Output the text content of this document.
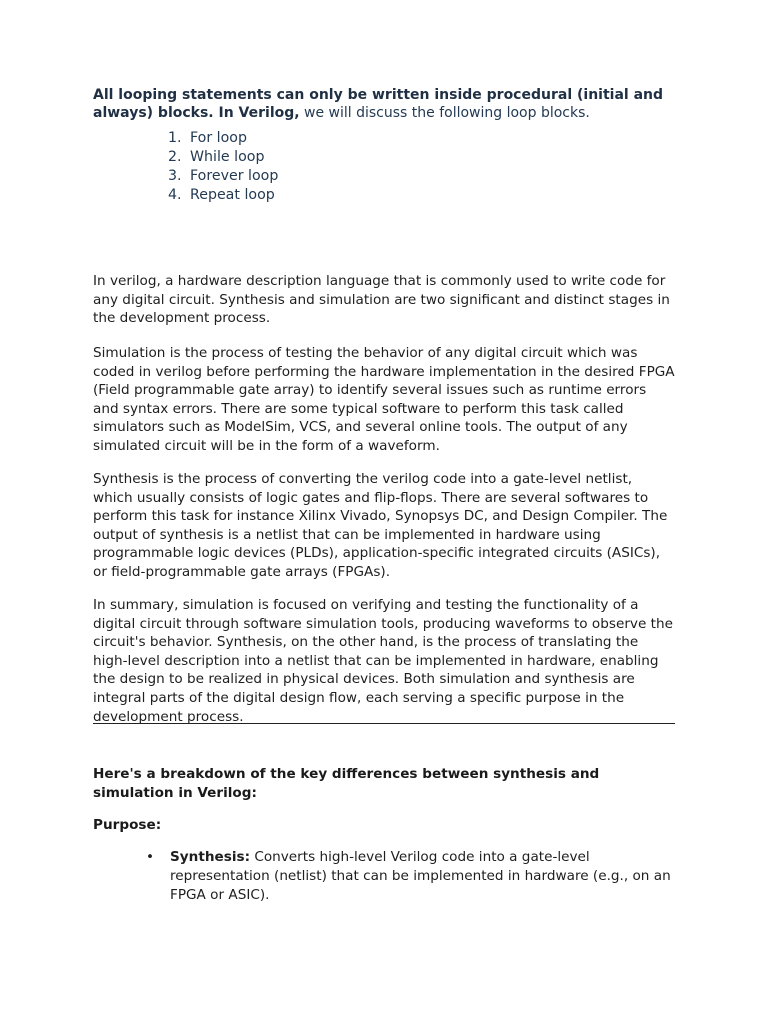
All looping statements can only be written inside procedural (initial and always) blocks. In Verilog, we will discuss the following loop blocks.

1. For loop
2. While loop
3. Forever loop
4. Repeat loop

In verilog, a hardware description language that is commonly used to write code for any digital circuit. Synthesis and simulation are two significant and distinct stages in the development process.

Simulation is the process of testing the behavior of any digital circuit which was coded in verilog before performing the hardware implementation in the desired FPGA (Field programmable gate array) to identify several issues such as runtime errors and syntax errors. There are some typical software to perform this task called simulators such as ModelSim, VCS, and several online tools. The output of any simulated circuit will be in the form of a waveform.

Synthesis is the process of converting the verilog code into a gate-level netlist, which usually consists of logic gates and flip-flops. There are several softwares to perform this task for instance Xilinx Vivado, Synopsys DC, and Design Compiler. The output of synthesis is a netlist that can be implemented in hardware using programmable logic devices (PLDs), application-specific integrated circuits (ASICs), or field-programmable gate arrays (FPGAs).

In summary, simulation is focused on verifying and testing the functionality of a digital circuit through software simulation tools, producing waveforms to observe the circuit's behavior. Synthesis, on the other hand, is the process of translating the high-level description into a netlist that can be implemented in hardware, enabling the design to be realized in physical devices. Both simulation and synthesis are integral parts of the digital design flow, each serving a specific purpose in the development process.

Here's a breakdown of the key differences between synthesis and simulation in Verilog:

Purpose:

• Synthesis: Converts high-level Verilog code into a gate-level representation (netlist) that can be implemented in hardware (e.g., on an FPGA or ASIC).
